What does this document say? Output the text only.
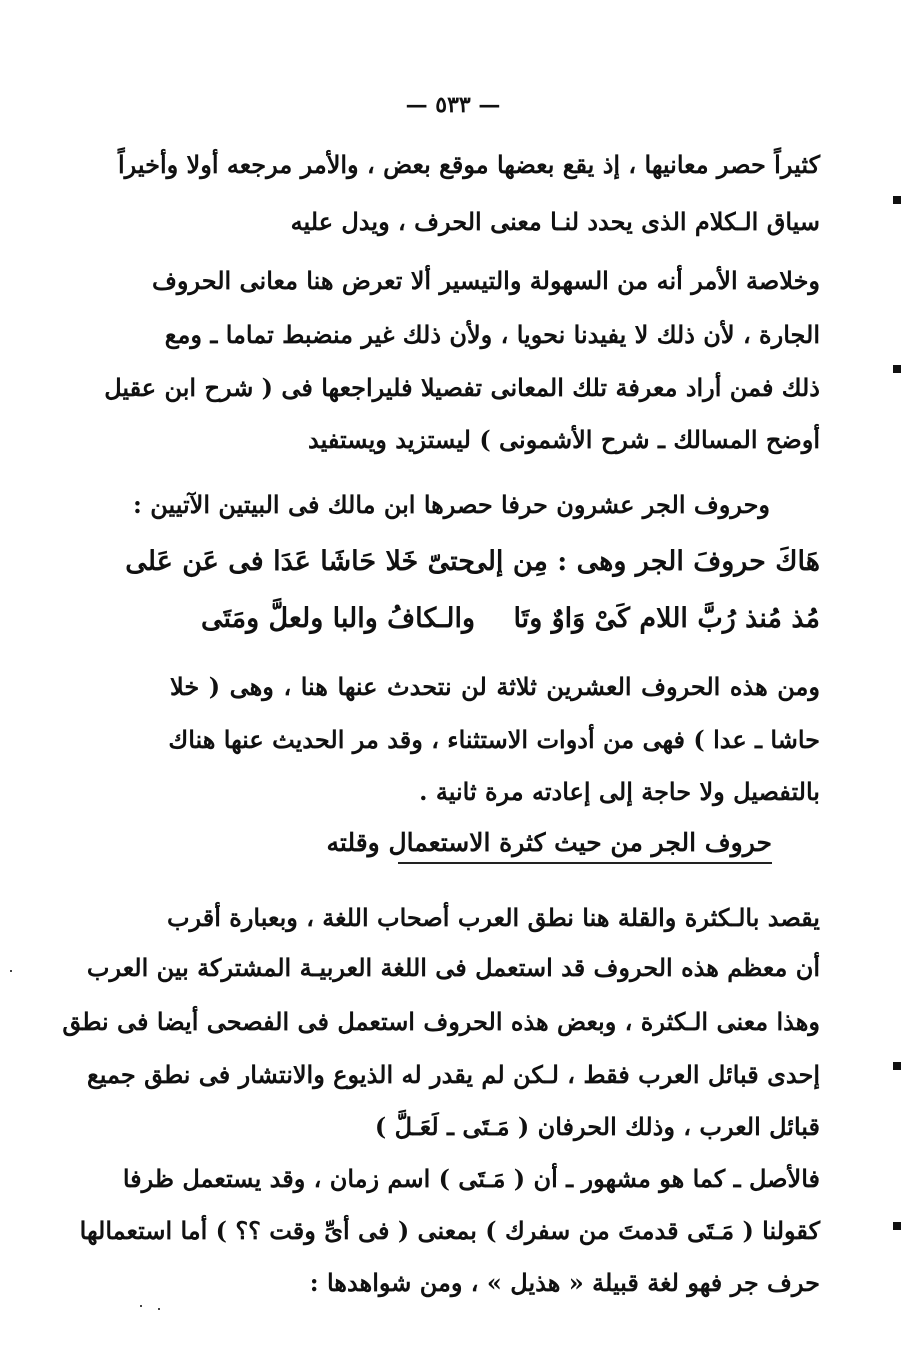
— ٥٣٣ —
كثيراً حصر معانيها ، إذ يقع بعضها موقع بعض ، والأمر مرجعه أولا وأخيراً
سياق الـكلام الذى يحدد لنـا معنى الحرف ، ويدل عليه
وخلاصة الأمر أنه من السهولة والتيسير ألا تعرض هنا معانى الحروف
الجارة ، لأن ذلك لا يفيدنا نحويا ، ولأن ذلك غير منضبط تماما ـ ومع
ذلك فمن أراد معرفة تلك المعانى تفصيلا فليراجعها فى ( شرح ابن عقيل
أوضح المسالك ـ شرح الأشمونى ) ليستزيد ويستفيد
وحروف الجر عشرون حرفا حصرها ابن مالك فى البيتين الآتيين :
هَاكَ حروفَ الجر وهى : مِن إلى
حتىّ خَلا حَاشَا عَدَا فى عَن عَلى
مُذ مُنذ رُبَّ اللام كَىْ وَاوٌ وتَا
والـكافُ والبا ولعلَّ ومَتَى
ومن هذه الحروف العشرين ثلاثة لن نتحدث عنها هنا ، وهى ( خلا
حاشا ـ عدا ) فهى من أدوات الاستثناء ، وقد مر الحديث عنها هناك
بالتفصيل ولا حاجة إلى إعادته مرة ثانية .
حروف الجر من حيث كثرة الاستعمال وقلته
يقصد بالـكثرة والقلة هنا نطق العرب أصحاب اللغة ، وبعبارة أقرب
أن معظم هذه الحروف قد استعمل فى اللغة العربيـة المشتركة بين العرب
وهذا معنى الـكثرة ، وبعض هذه الحروف استعمل فى الفصحى أيضا فى نطق
إحدى قبائل العرب فقط ، لـكن لم يقدر له الذيوع والانتشار فى نطق جميع
قبائل العرب ، وذلك الحرفان ( مَـتَى ـ لَعَـلَّ )
فالأصل ـ كما هو مشهور ـ أن ( مَـتَى ) اسم زمان ، وقد يستعمل ظرفا
كقولنا ( مَـتَى قدمتَ من سفرك ) بمعنى ( فى أىِّ وقت ؟؟ ) أما استعمالها
حرف جر فهو لغة قبيلة « هذيل » ، ومن شواهدها :
